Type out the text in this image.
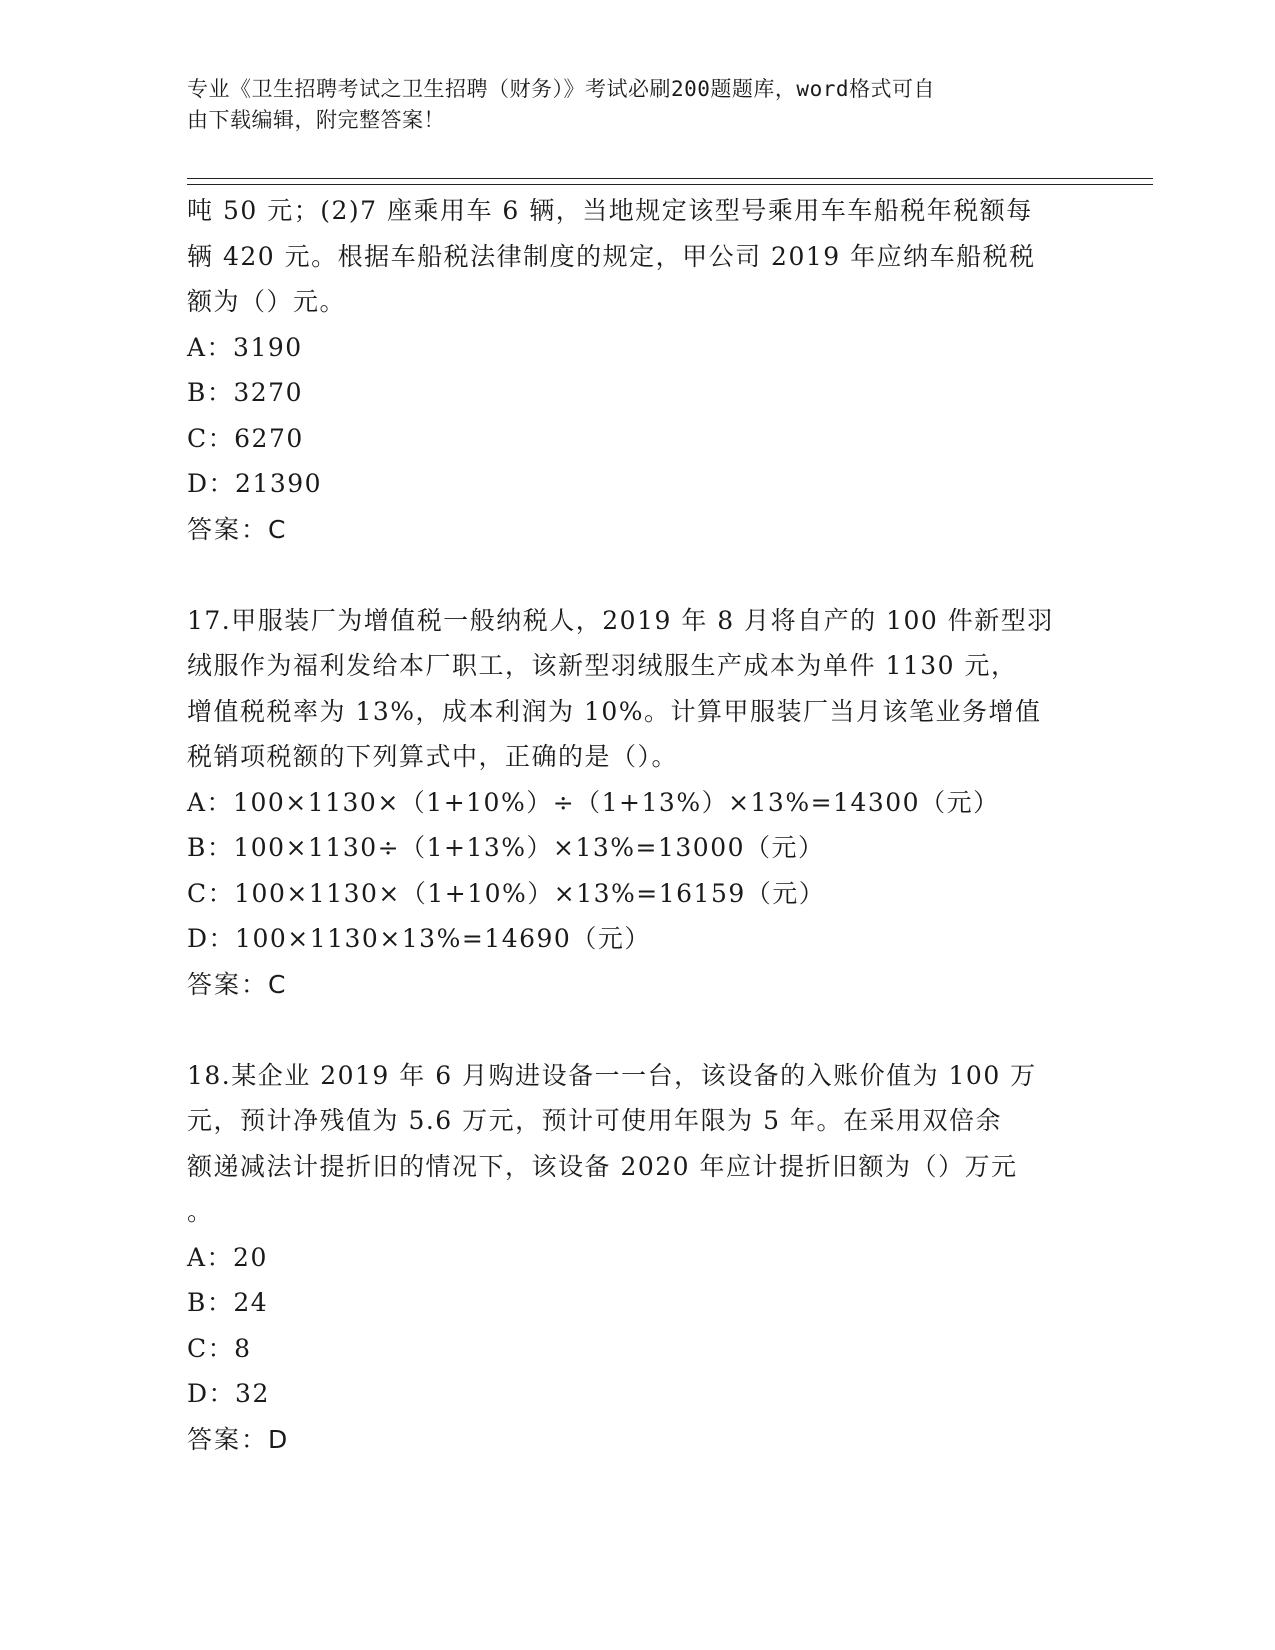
专业《卫生招聘考试之卫生招聘（财务）》考试必刷200题题库，word格式可自
由下载编辑，附完整答案！
吨 50 元；(2)7 座乘用车 6 辆，当地规定该型号乘用车车船税年税额每
辆 420 元。根据车船税法律制度的规定，甲公司 2019 年应纳车船税税
额为（）元。
A：3190
B：3270
C：6270
D：21390
答案：C
17.甲服装厂为增值税一般纳税人，2019 年 8 月将自产的 100 件新型羽
绒服作为福利发给本厂职工，该新型羽绒服生产成本为单件 1130 元，
增值税税率为 13%，成本利润为 10%。计算甲服装厂当月该笔业务增值
税销项税额的下列算式中，正确的是（）。
A：100×1130×（1+10%）÷（1+13%）×13%=14300（元）
B：100×1130÷（1+13%）×13%=13000（元）
C：100×1130×（1+10%）×13%=16159（元）
D：100×1130×13%=14690（元）
答案：C
18.某企业 2019 年 6 月购进设备一一台，该设备的入账价值为 100 万
元，预计净残值为 5.6 万元，预计可使用年限为 5 年。在采用双倍余
额递减法计提折旧的情况下，该设备 2020 年应计提折旧额为（）万元
。
A：20
B：24
C：8
D：32
答案：D
